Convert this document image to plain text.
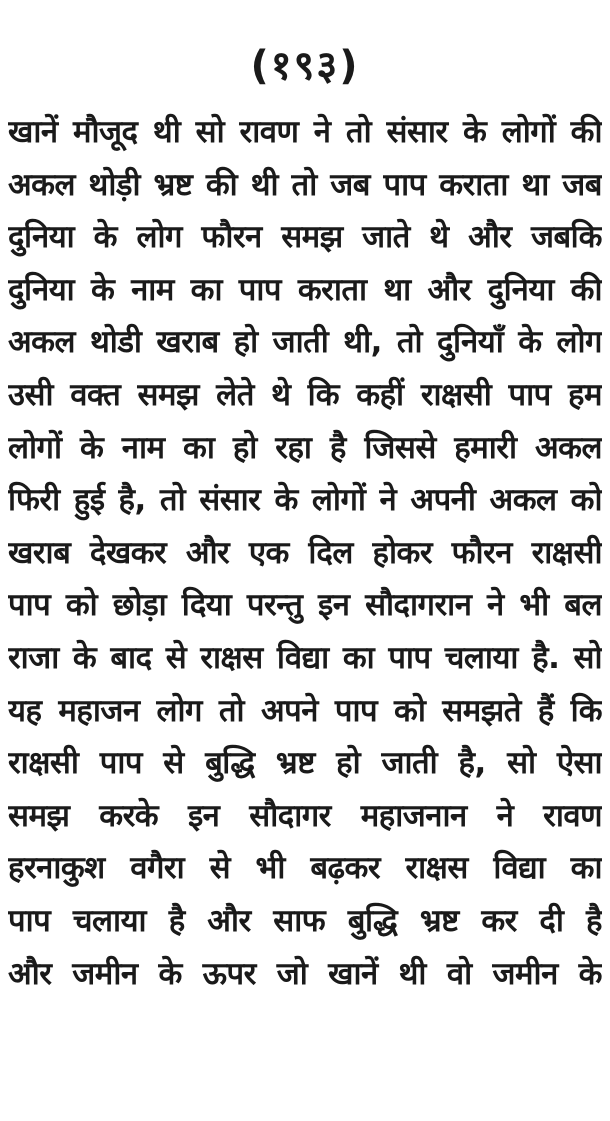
(१९३)
खानें मौजूद थी सो रावण ने तो संसार के लोगों की
अकल थोड़ी भ्रष्ट की थी तो जब पाप कराता था जब
दुनिया के लोग फौरन समझ जाते थे और जबकि
दुनिया के नाम का पाप कराता था और दुनिया की
अकल थोडी खराब हो जाती थी, तो दुनियाँ के लोग
उसी वक्त समझ लेते थे कि कहीं राक्षसी पाप हम
लोगों के नाम का हो रहा है जिससे हमारी अकल
फिरी हुई है, तो संसार के लोगों ने अपनी अकल को
खराब देखकर और एक दिल होकर फौरन राक्षसी
पाप को छोड़ा दिया परन्तु इन सौदागरान ने भी बल
राजा के बाद से राक्षस विद्या का पाप चलाया है. सो
यह महाजन लोग तो अपने पाप को समझते हैं कि
राक्षसी पाप से बुद्धि भ्रष्ट हो जाती है, सो ऐसा
समझ करके इन सौदागर महाजनान ने रावण
हरनाकुश वगैरा से भी बढ़कर राक्षस विद्या का
पाप चलाया है और साफ बुद्धि भ्रष्ट कर दी है
और जमीन के ऊपर जो खानें थी वो जमीन के
